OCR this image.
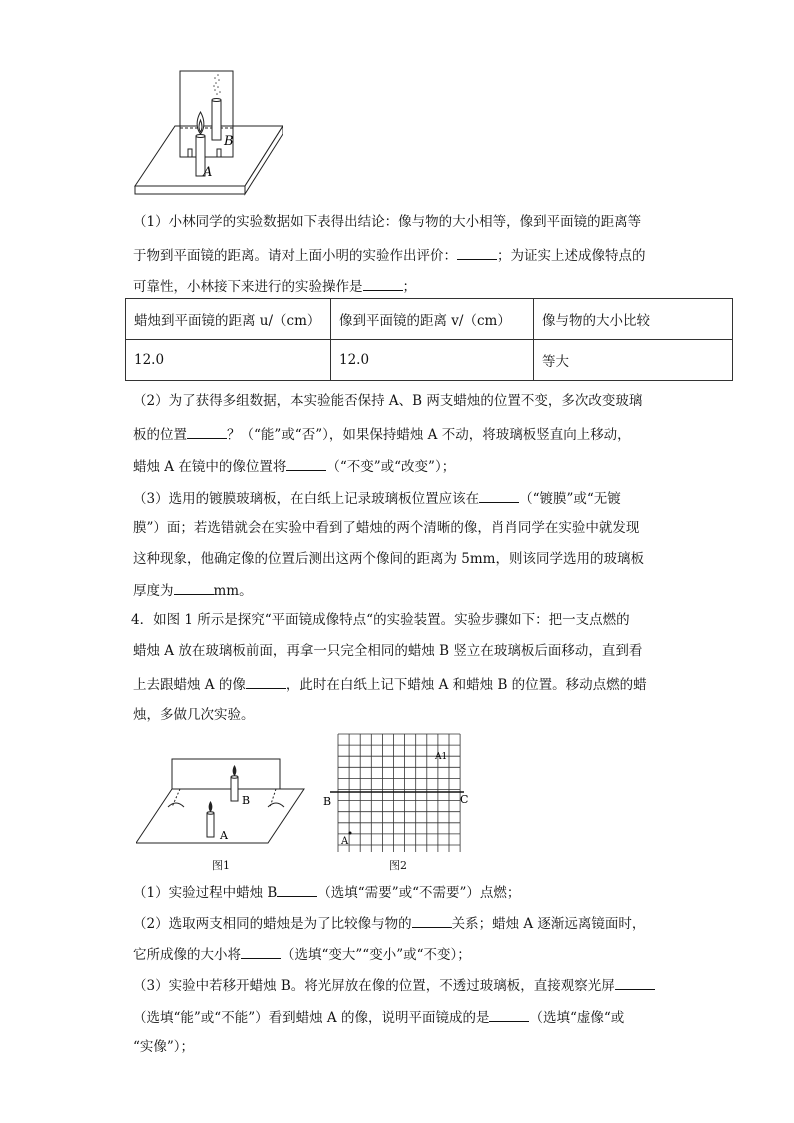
B
A
（1）小林同学的实验数据如下表得出结论：像与物的大小相等，像到平面镜的距离等
于物到平面镜的距离。请对上面小明的实验作出评价：	；为证实上述成像特点的
可靠性，小林接下来进行的实验操作是	；
蜡烛到平面镜的距离 u/（cm）	像到平面镜的距离 v/（cm）	像与物的大小比较
12.0	12.0	等大
（2）为了获得多组数据，本实验能否保持 A、B 两支蜡烛的位置不变，多次改变玻璃
板的位置	？（“能”或“否”），如果保持蜡烛 A 不动，将玻璃板竖直向上移动，
蜡烛 A 在镜中的像位置将	（“不变”或“改变”）；
（3）选用的镀膜玻璃板，在白纸上记录玻璃板位置应该在	（“镀膜”或“无镀
膜”）面；若选错就会在实验中看到了蜡烛的两个清晰的像，肖肖同学在实验中就发现
这种现象，他确定像的位置后测出这两个像间的距离为 5mm，则该同学选用的玻璃板
厚度为	mm。
4．如图 1 所示是探究“平面镜成像特点“的实验装置。实验步骤如下：把一支点燃的
蜡烛 A 放在玻璃板前面，再拿一只完全相同的蜡烛 B 竖立在玻璃板后面移动，直到看
上去跟蜡烛 A 的像	，此时在白纸上记下蜡烛 A 和蜡烛 B 的位置。移动点燃的蜡
烛，多做几次实验。
B
A
图1
A
A1
B	C
图2
（1）实验过程中蜡烛 B	（选填“需要”或“不需要”）点燃；
（2）选取两支相同的蜡烛是为了比较像与物的	关系；蜡烛 A 逐渐远离镜面时，
它所成像的大小将	（选填“变大”“变小”或“不变）；
（3）实验中若移开蜡烛 B。将光屏放在像的位置，不透过玻璃板，直接观察光屏
（选填“能”或“不能”）看到蜡烛 A 的像，说明平面镜成的是	（选填“虚像“或
“实像”）；
